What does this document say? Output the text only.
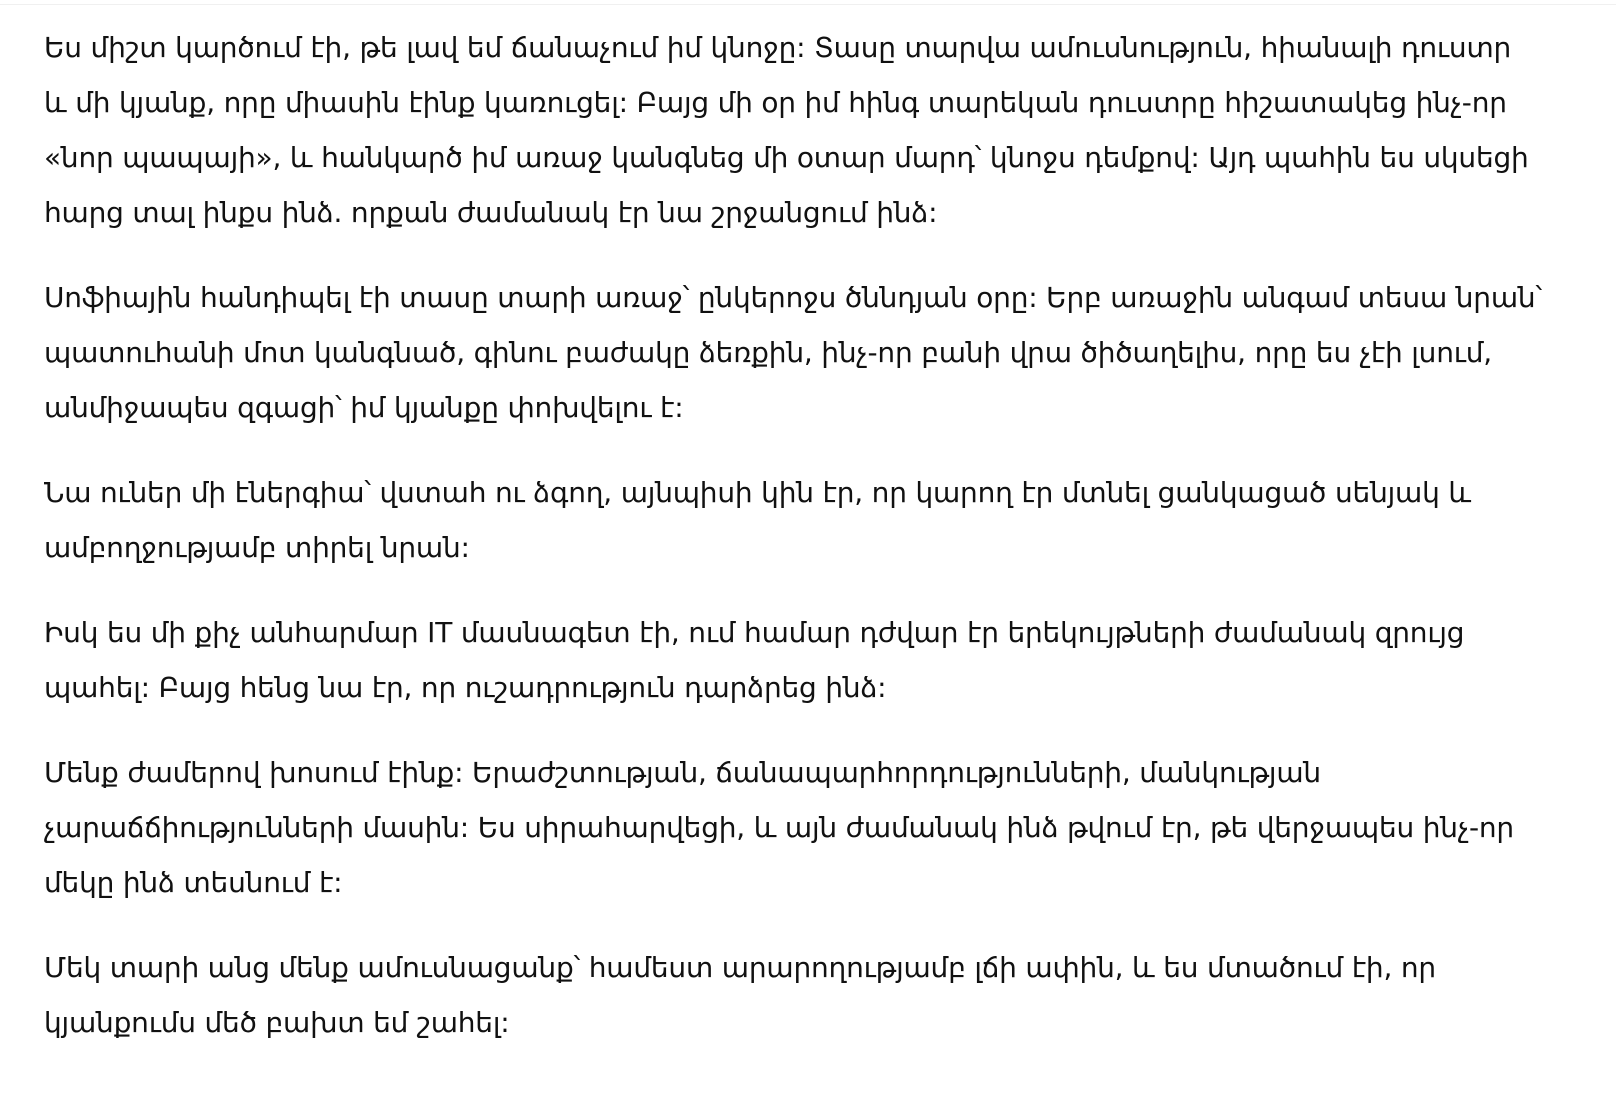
Ես միշտ կարծում էի, թե լավ եմ ճանաչում իմ կնոջը: Տասը տարվա ամուսնություն, հիանալի դուստր
և մի կյանք, որը միասին էինք կառուցել: Բայց մի օր իմ հինգ տարեկան դուստրը հիշատակեց ինչ-որ
«նոր պապայի», և հանկարծ իմ առաջ կանգնեց մի օտար մարդ՝ կնոջս դեմքով: Այդ պահին ես սկսեցի
հարց տալ ինքս ինձ. որքան ժամանակ էր նա շրջանցում ինձ:

Սոֆիային հանդիպել էի տասը տարի առաջ՝ ընկերոջս ծննդյան օրը: Երբ առաջին անգամ տեսա նրան՝
պատուհանի մոտ կանգնած, գինու բաժակը ձեռքին, ինչ-որ բանի վրա ծիծաղելիս, որը ես չէի լսում,
անմիջապես զգացի՝ իմ կյանքը փոխվելու է:

Նա ուներ մի էներգիա՝ վստահ ու ձգող, այնպիսի կին էր, որ կարող էր մտնել ցանկացած սենյակ և
ամբողջությամբ տիրել նրան:

Իսկ ես մի քիչ անհարմար IT մասնագետ էի, ում համար դժվար էր երեկույթների ժամանակ զրույց
պահել: Բայց հենց նա էր, որ ուշադրություն դարձրեց ինձ:

Մենք ժամերով խոսում էինք: Երաժշտության, ճանապարհորդությունների, մանկության
չարաճճիությունների մասին: Ես սիրահարվեցի, և այն ժամանակ ինձ թվում էր, թե վերջապես ինչ-որ
մեկը ինձ տեսնում է:

Մեկ տարի անց մենք ամուսնացանք՝ համեստ արարողությամբ լճի ափին, և ես մտածում էի, որ
կյանքումս մեծ բախտ եմ շահել:
